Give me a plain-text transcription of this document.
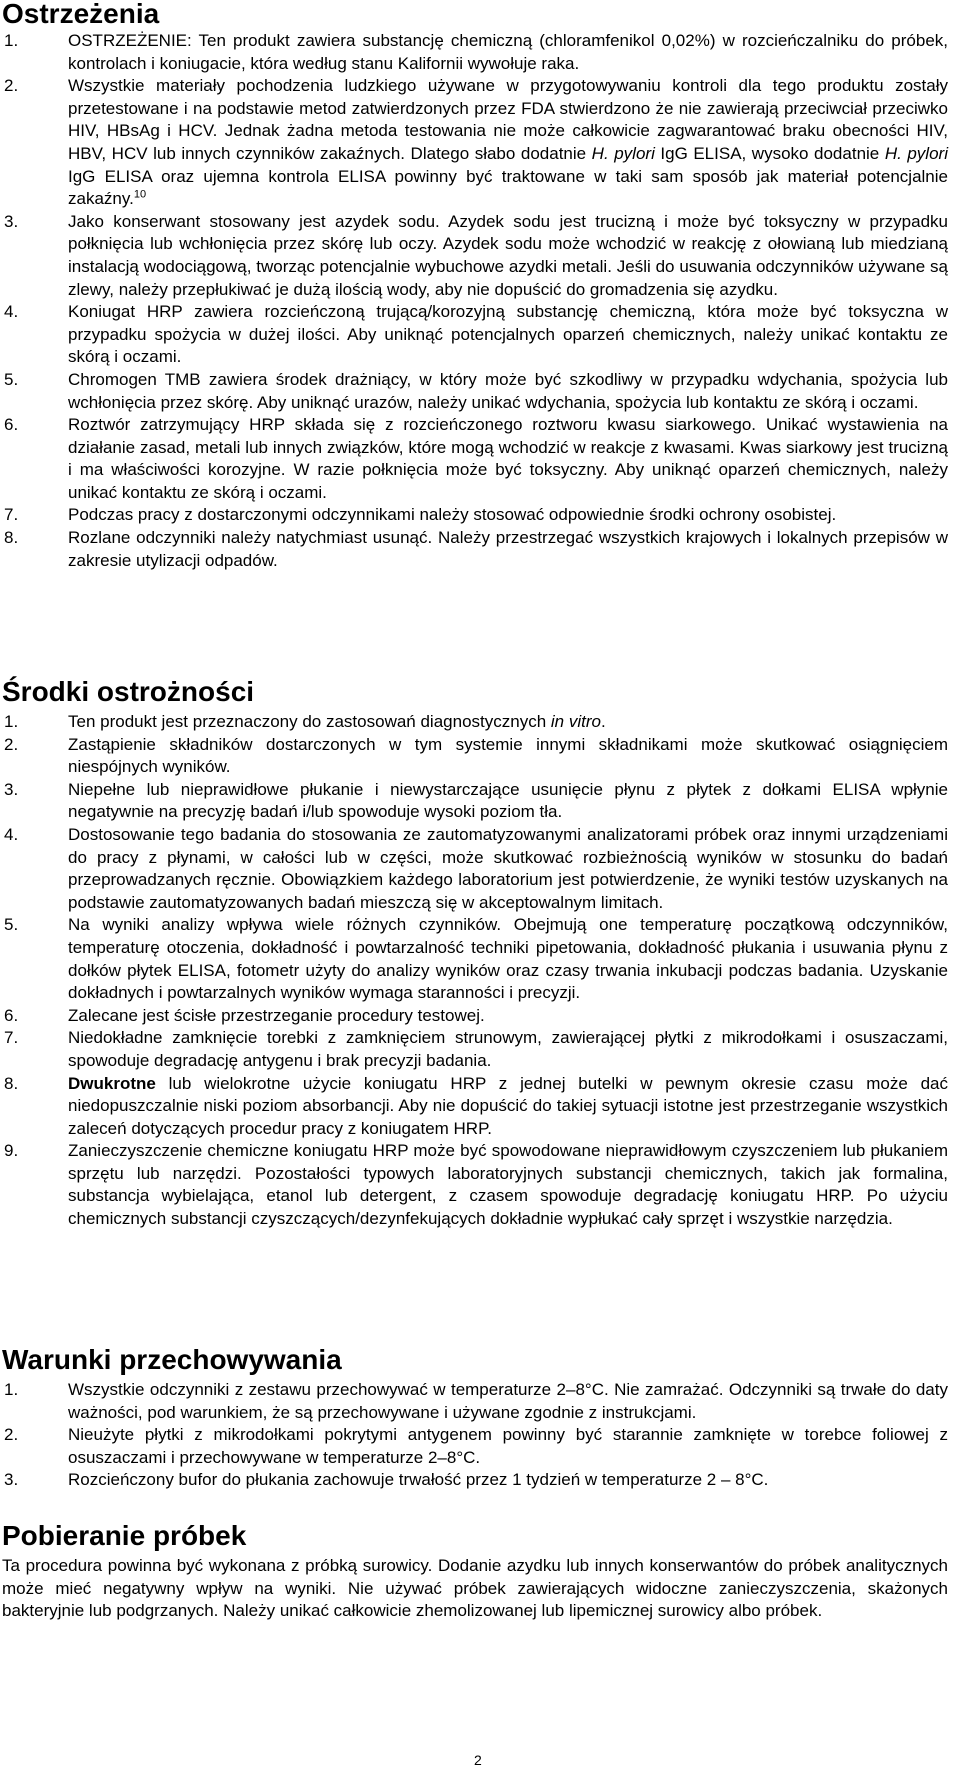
Ostrzeżenia
1.	OSTRZEŻENIE: Ten produkt zawiera substancję chemiczną (chloramfenikol 0,02%) w rozcieńczalniku do próbek, kontrolach i koniugacie, która według stanu Kalifornii wywołuje raka.
2.	Wszystkie materiały pochodzenia ludzkiego używane w przygotowywaniu kontroli dla tego produktu zostały przetestowane i na podstawie metod zatwierdzonych przez FDA stwierdzono że nie zawierają przeciwciał przeciwko HIV, HBsAg i HCV. Jednak żadna metoda testowania nie może całkowicie zagwarantować braku obecności HIV, HBV, HCV lub innych czynników zakaźnych. Dlatego słabo dodatnie H. pylori IgG ELISA, wysoko dodatnie H. pylori IgG ELISA oraz ujemna kontrola ELISA powinny być traktowane w taki sam sposób jak materiał potencjalnie zakaźny.$^{10}$
3.	Jako konserwant stosowany jest azydek sodu. Azydek sodu jest trucizną i może być toksyczny w przypadku połknięcia lub wchłonięcia przez skórę lub oczy. Azydek sodu może wchodzić w reakcję z ołowianą lub miedzianą instalacją wodociągową, tworząc potencjalnie wybuchowe azydki metali. Jeśli do usuwania odczynników używane są zlewy, należy przepłukiwać je dużą ilością wody, aby nie dopuścić do gromadzenia się azydku.
4.	Koniugat HRP zawiera rozcieńczoną trującą/korozyjną substancję chemiczną, która może być toksyczna w przypadku spożycia w dużej ilości. Aby uniknąć potencjalnych oparzeń chemicznych, należy unikać kontaktu ze skórą i oczami.
5.	Chromogen TMB zawiera środek drażniący, w który może być szkodliwy w przypadku wdychania, spożycia lub wchłonięcia przez skórę. Aby uniknąć urazów, należy unikać wdychania, spożycia lub kontaktu ze skórą i oczami.
6.	Roztwór zatrzymujący HRP składa się z rozcieńczonego roztworu kwasu siarkowego. Unikać wystawienia na działanie zasad, metali lub innych związków, które mogą wchodzić w reakcje z kwasami. Kwas siarkowy jest trucizną i ma właściwości korozyjne. W razie połknięcia może być toksyczny. Aby uniknąć oparzeń chemicznych, należy unikać kontaktu ze skórą i oczami.
7.	Podczas pracy z dostarczonymi odczynnikami należy stosować odpowiednie środki ochrony osobistej.
8.	Rozlane odczynniki należy natychmiast usunąć. Należy przestrzegać wszystkich krajowych i lokalnych przepisów w zakresie utylizacji odpadów.
Środki ostrożności
1.	Ten produkt jest przeznaczony do zastosowań diagnostycznych in vitro.
2.	Zastąpienie składników dostarczonych w tym systemie innymi składnikami może skutkować osiągnięciem niespójnych wyników.
3.	Niepełne lub nieprawidłowe płukanie i niewystarczające usunięcie płynu z płytek z dołkami ELISA wpłynie negatywnie na precyzję badań i/lub spowoduje wysoki poziom tła.
4.	Dostosowanie tego badania do stosowania ze zautomatyzowanymi analizatorami próbek oraz innymi urządzeniami do pracy z płynami, w całości lub w części, może skutkować rozbieżnością wyników w stosunku do badań przeprowadzanych ręcznie. Obowiązkiem każdego laboratorium jest potwierdzenie, że wyniki testów uzyskanych na podstawie zautomatyzowanych badań mieszczą się w akceptowalnym limitach.
5.	Na wyniki analizy wpływa wiele różnych czynników. Obejmują one temperaturę początkową odczynników, temperaturę otoczenia, dokładność i powtarzalność techniki pipetowania, dokładność płukania i usuwania płynu z dołków płytek ELISA, fotometr użyty do analizy wyników oraz czasy trwania inkubacji podczas badania. Uzyskanie dokładnych i powtarzalnych wyników wymaga staranności i precyzji.
6.	Zalecane jest ścisłe przestrzeganie procedury testowej.
7.	Niedokładne zamknięcie torebki z zamknięciem strunowym, zawierającej płytki z mikrodołkami i osuszaczami, spowoduje degradację antygenu i brak precyzji badania.
8.	Dwukrotne lub wielokrotne użycie koniugatu HRP z jednej butelki w pewnym okresie czasu może dać niedopuszczalnie niski poziom absorbancji. Aby nie dopuścić do takiej sytuacji istotne jest przestrzeganie wszystkich zaleceń dotyczących procedur pracy z koniugatem HRP.
9.	Zanieczyszczenie chemiczne koniugatu HRP może być spowodowane nieprawidłowym czyszczeniem lub płukaniem sprzętu lub narzędzi. Pozostałości typowych laboratoryjnych substancji chemicznych, takich jak formalina, substancja wybielająca, etanol lub detergent, z czasem spowoduje degradację koniugatu HRP. Po użyciu chemicznych substancji czyszczących/dezynfekujących dokładnie wypłukać cały sprzęt i wszystkie narzędzia.
Warunki przechowywania
1.	Wszystkie odczynniki z zestawu przechowywać w temperaturze 2–8°C. Nie zamrażać. Odczynniki są trwałe do daty ważności, pod warunkiem, że są przechowywane i używane zgodnie z instrukcjami.
2.	Nieużyte płytki z mikrodołkami pokrytymi antygenem powinny być starannie zamknięte w torebce foliowej z osuszaczami i przechowywane w temperaturze 2–8°C.
3.	Rozcieńczony bufor do płukania zachowuje trwałość przez 1 tydzień w temperaturze 2 – 8°C.
Pobieranie próbek

Ta procedura powinna być wykonana z próbką surowicy. Dodanie azydku lub innych konserwantów do próbek analitycznych może mieć negatywny wpływ na wyniki. Nie używać próbek zawierających widoczne zanieczyszczenia, skażonych bakteryjnie lub podgrzanych. Należy unikać całkowicie zhemolizowanej lub lipemicznej surowicy albo próbek.

2
